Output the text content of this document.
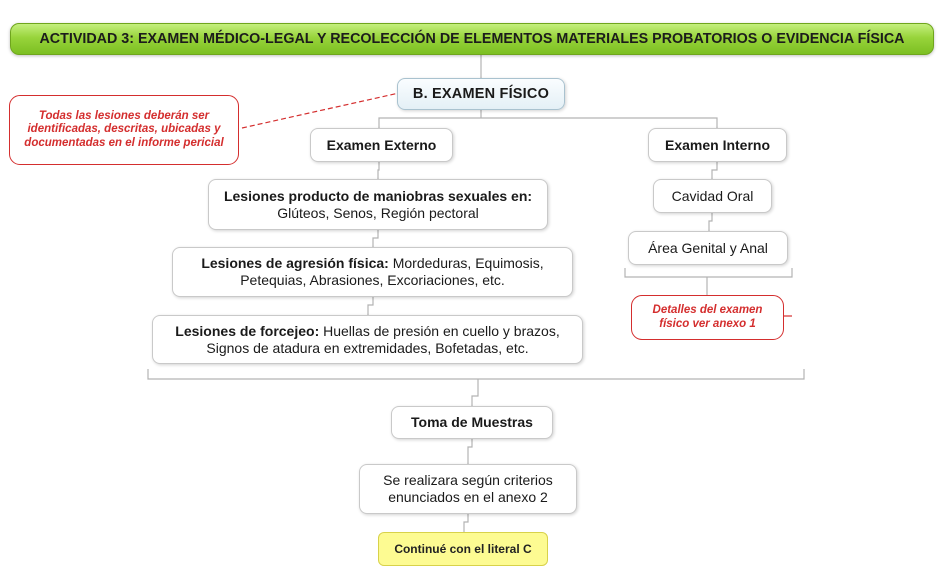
ACTIVIDAD 3: EXAMEN MÉDICO-LEGAL Y RECOLECCIÓN DE ELEMENTOS MATERIALES PROBATORIOS O EVIDENCIA FÍSICA
B. EXAMEN FÍSICO
Todas las lesiones deberán ser identificadas, descritas, ubicadas y documentadas en el informe pericial	Examen Externo	Examen Interno
Lesiones producto de maniobras sexuales en: Glúteos, Senos, Región pectoral
Lesiones de agresión física: Mordeduras, Equimosis, Petequias, Abrasiones, Excoriaciones, etc.
Lesiones de forcejeo: Huellas de presión en cuello y brazos, Signos de atadura en extremidades, Bofetadas, etc.
Cavidad Oral
Área Genital y Anal
Detalles del examen físico ver anexo 1
Toma de Muestras
Se realizara según criterios enunciados en el anexo 2
Continué con el literal C
